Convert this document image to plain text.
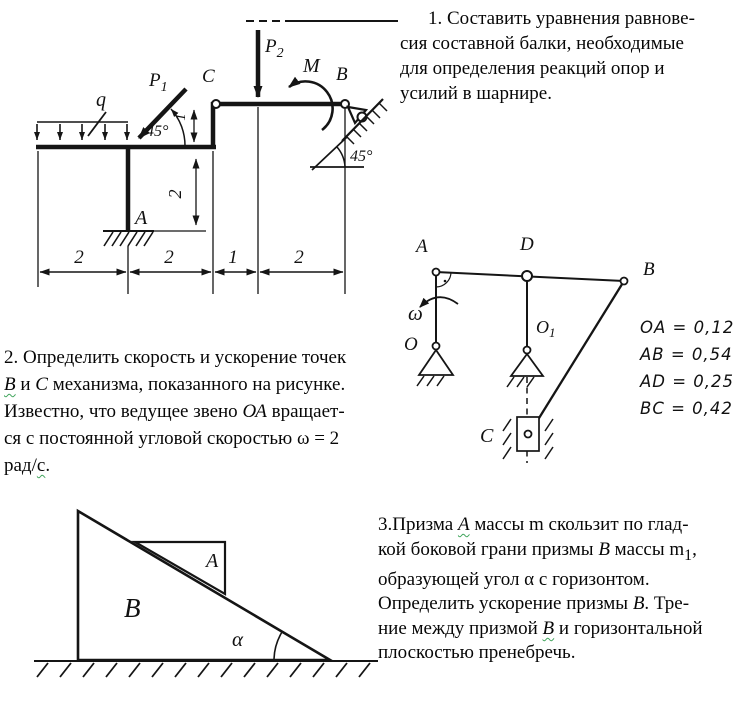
1. Составить уравнения равнове-
сия составной балки, необходимые
для определения реакций опор и
усилий в шарнире.
$P_2$
$P_1$
q
C	M B
A
45°
45°
1
2
2	2	1	2
2. Определить скорость и ускорение точек
В и С механизма, показанного на рисунке.
Известно, что ведущее звено ОА вращает-
ся с постоянной угловой скоростью ω = 2
рад/с.
A	D
B
ω
O
$O_1$
C
OA = 0,12
AB = 0,54
AD = 0,25
BC = 0,42
A
B
α
3.Призма А массы m скользит по глад-
кой боковой грани призмы В массы $m_1$,
образующей угол α с горизонтом.
Определить ускорение призмы В. Тре-
ние между призмой В и горизонтальной
плоскостью пренебречь.
